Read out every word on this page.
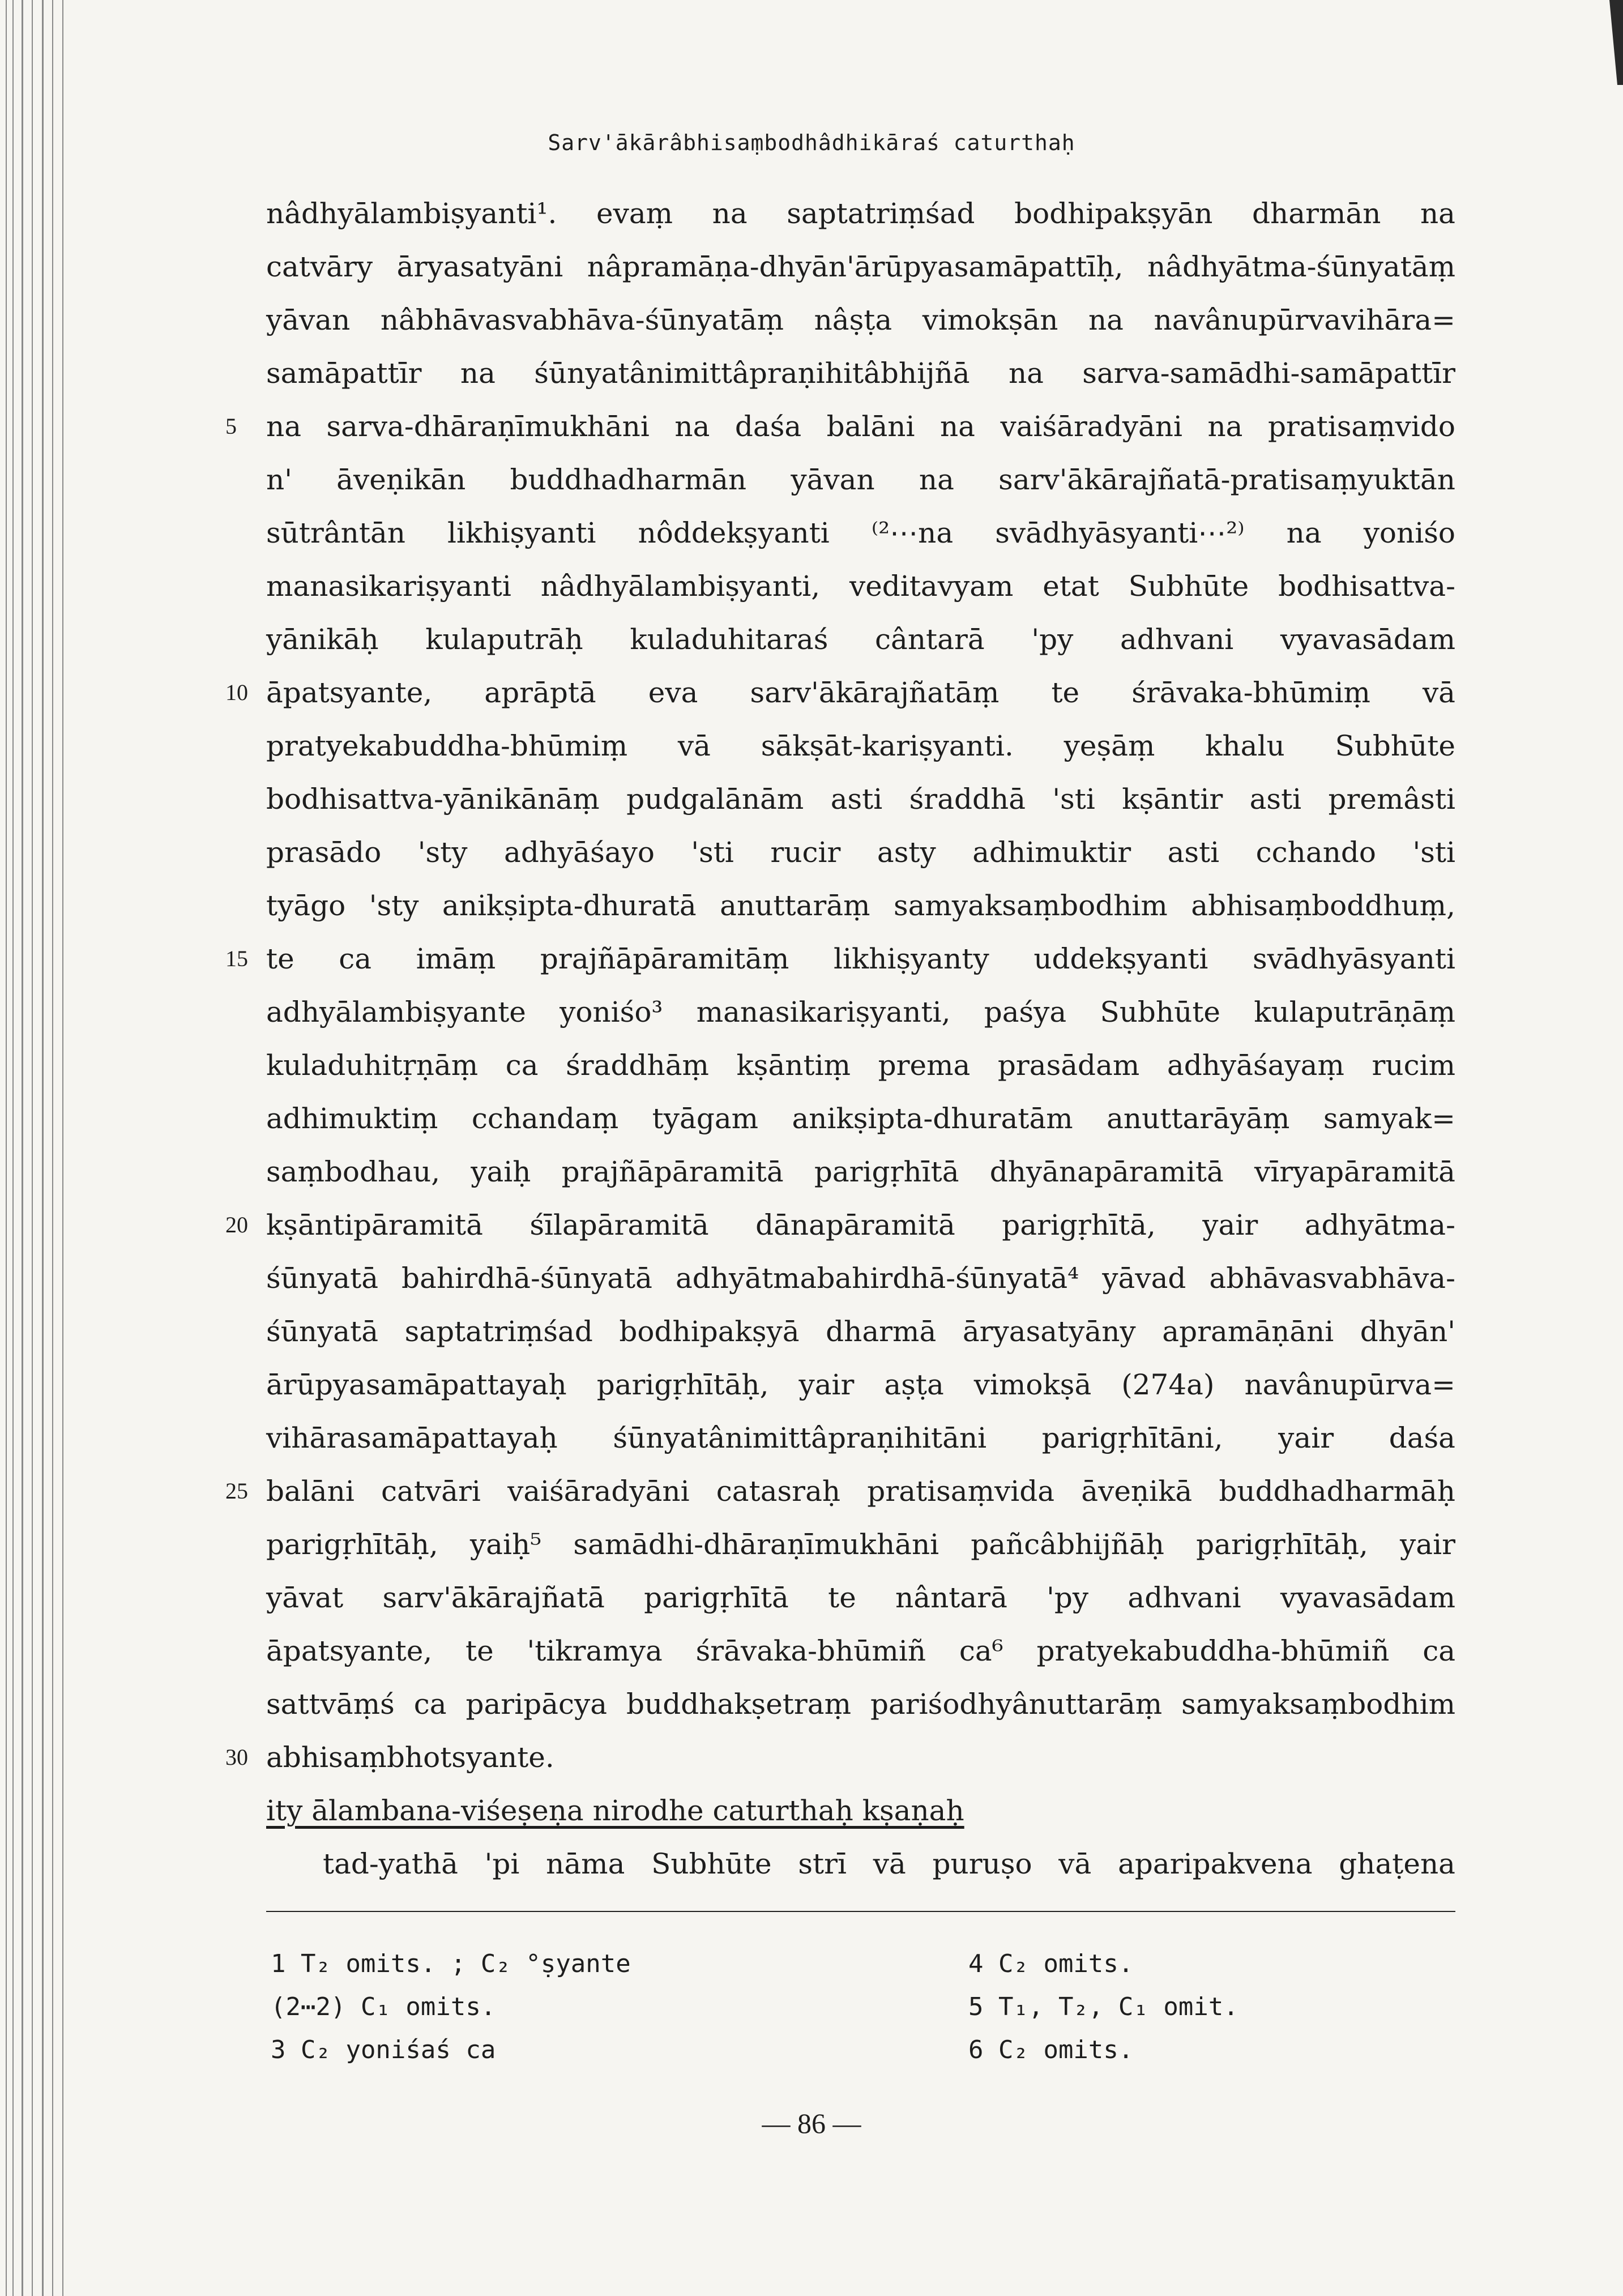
Sarv'ākārâbhisaṃbodhâdhikāraś caturthaḥ
nâdhyālambiṣyanti¹. evaṃ na saptatriṃśad bodhipakṣyān dharmān na
catvāry āryasatyāni nâpramāṇa-dhyān'ārūpyasamāpattīḥ, nâdhyātma-śūnyatāṃ
yāvan nâbhāvasvabhāva-śūnyatāṃ nâṣṭa vimokṣān na navânupūrvavihāra=
samāpattīr na śūnyatânimittâpraṇihitâbhijñā na sarva-samādhi-samāpattīr
na sarva-dhāraṇīmukhāni na daśa balāni na vaiśāradyāni na pratisaṃvido
n' āveṇikān buddhadharmān yāvan na sarv'ākārajñatā-pratisaṃyuktān
sūtrântān likhiṣyanti nôddekṣyanti ⁽²⋯na svādhyāsyanti⋯²⁾ na yoniśo
manasikariṣyanti nâdhyālambiṣyanti, veditavyam etat Subhūte bodhisattva-
yānikāḥ kulaputrāḥ kuladuhitaraś cântarā 'py adhvani vyavasādam
āpatsyante, aprāptā eva sarv'ākārajñatāṃ te śrāvaka-bhūmiṃ vā
pratyekabuddha-bhūmiṃ vā sākṣāt-kariṣyanti. yeṣāṃ khalu Subhūte
bodhisattva-yānikānāṃ pudgalānām asti śraddhā 'sti kṣāntir asti premâsti
prasādo 'sty adhyāśayo 'sti rucir asty adhimuktir asti cchando 'sti
tyāgo 'sty anikṣipta-dhuratā anuttarāṃ samyaksaṃbodhim abhisaṃboddhuṃ,
te ca imāṃ prajñāpāramitāṃ likhiṣyanty uddekṣyanti svādhyāsyanti
adhyālambiṣyante yoniśo³ manasikariṣyanti, paśya Subhūte kulaputrāṇāṃ
kuladuhitṛṇāṃ ca śraddhāṃ kṣāntiṃ prema prasādam adhyāśayaṃ rucim
adhimuktiṃ cchandaṃ tyāgam anikṣipta-dhuratām anuttarāyāṃ samyak=
saṃbodhau, yaiḥ prajñāpāramitā parigṛhītā dhyānapāramitā vīryapāramitā
kṣāntipāramitā śīlapāramitā dānapāramitā parigṛhītā, yair adhyātma-
śūnyatā bahirdhā-śūnyatā adhyātmabahirdhā-śūnyatā⁴ yāvad abhāvasvabhāva-
śūnyatā saptatriṃśad bodhipakṣyā dharmā āryasatyāny apramāṇāni dhyān'
ārūpyasamāpattayaḥ parigṛhītāḥ, yair aṣṭa vimokṣā (274a) navânupūrva=
vihārasamāpattayaḥ śūnyatânimittâpraṇihitāni parigṛhītāni, yair daśa
balāni catvāri vaiśāradyāni catasraḥ pratisaṃvida āveṇikā buddhadharmāḥ
parigṛhītāḥ, yaiḥ⁵ samādhi-dhāraṇīmukhāni pañcâbhijñāḥ parigṛhītāḥ, yair
yāvat sarv'ākārajñatā parigṛhītā te nântarā 'py adhvani vyavasādam
āpatsyante, te 'tikramya śrāvaka-bhūmiñ ca⁶ pratyekabuddha-bhūmiñ ca
sattvāṃś ca paripācya buddhakṣetraṃ pariśodhyânuttarāṃ samyaksaṃbodhim
abhisaṃbhotsyante.
ity ālambana-viśeṣeṇa nirodhe caturthaḥ kṣaṇaḥ
tad-yathā 'pi nāma Subhūte strī vā puruṣo vā aparipakvena ghaṭena
5
10
15
20
25
30
1 T₂ omits. ; C₂ °ṣyante
(2⋯2) C₁ omits.
3 C₂ yoniśaś ca
4 C₂ omits.
5 T₁, T₂, C₁ omit.
6 C₂ omits.
— 86 —
